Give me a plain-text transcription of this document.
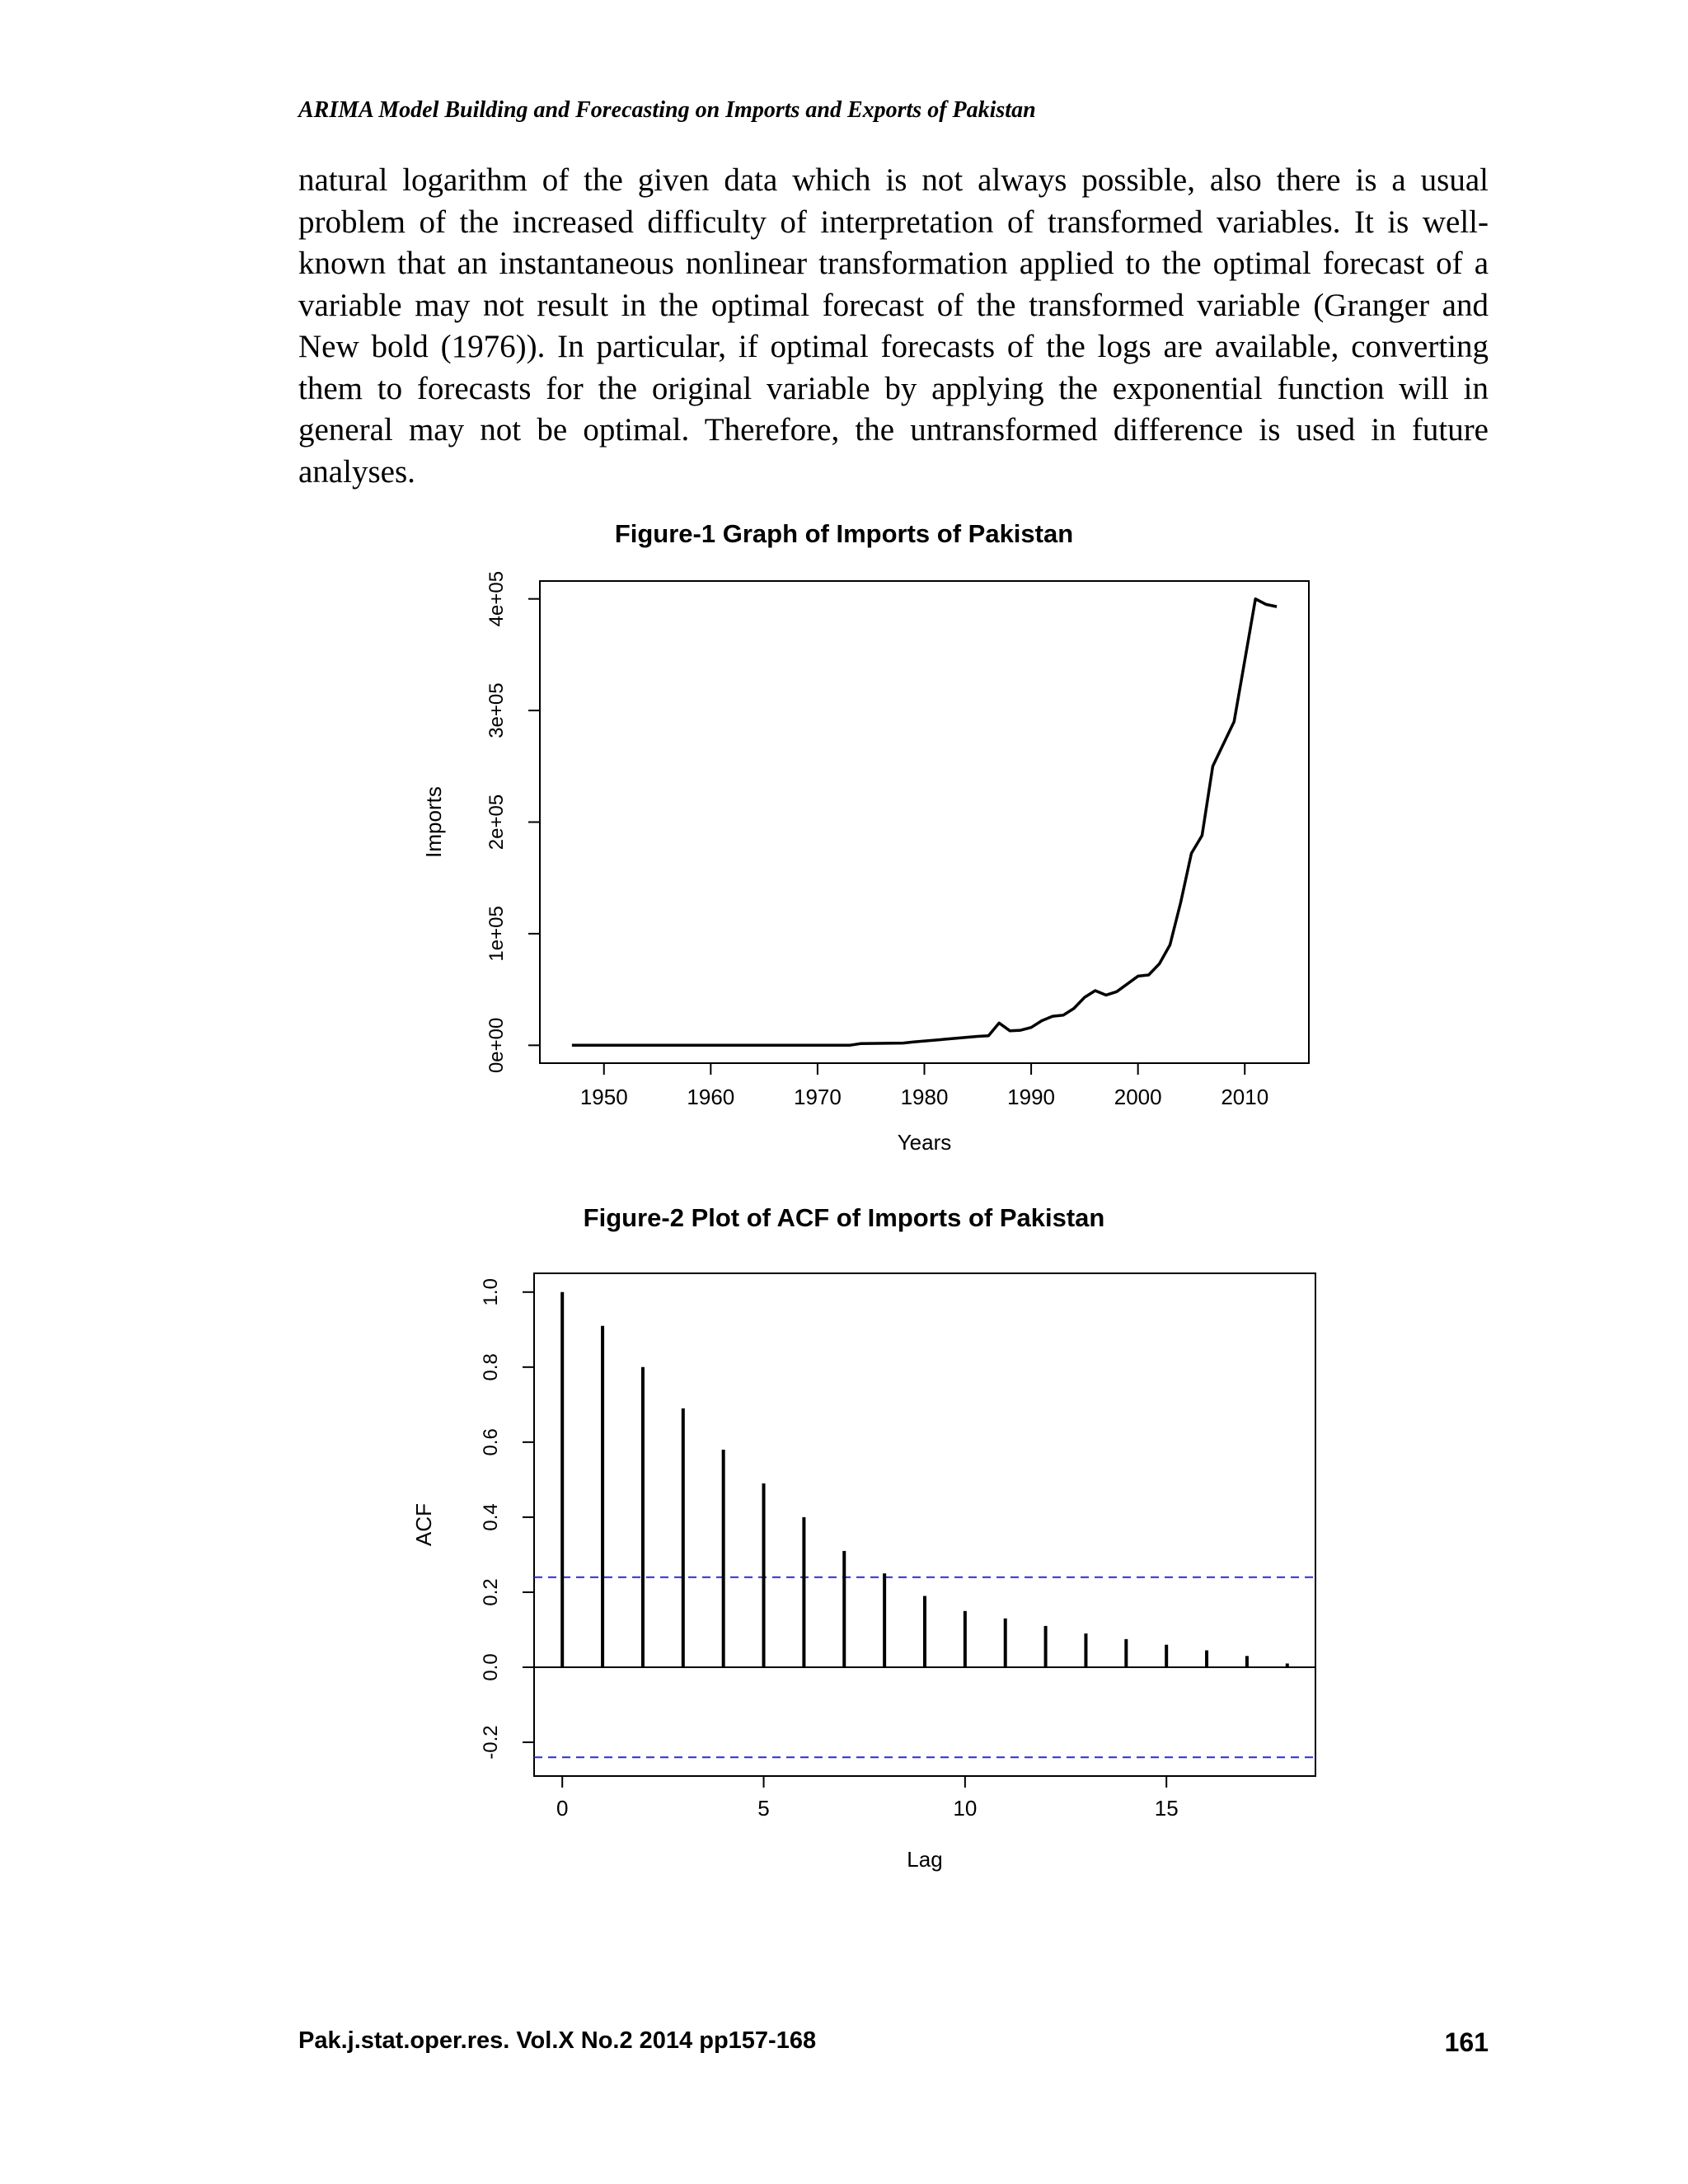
ARIMA Model Building and Forecasting on Imports and Exports of Pakistan

natural logarithm of the given data which is not always possible, also there is a usual problem of the increased difficulty of interpretation of transformed variables. It is well-known that an instantaneous nonlinear transformation applied to the optimal forecast of a variable may not result in the optimal forecast of the transformed variable (Granger and New bold (1976)). In particular, if optimal forecasts of the logs are available, converting them to forecasts for the original variable by applying the exponential function will in general may not be optimal. Therefore, the untransformed difference is used in future analyses.

Figure-1 Graph of Imports of Pakistan
1950	1960	1970	1980	1990	2000	2010
0e+00
1e+05
2e+05
3e+05
4e+05
Years
Imports
Figure-2 Plot of ACF of Imports of Pakistan
0	5	10	15
-0.2
0.0
0.2
0.4
0.6
0.8
1.0
Lag
ACF
Pak.j.stat.oper.res. Vol.X No.2 2014 pp157-168	161
